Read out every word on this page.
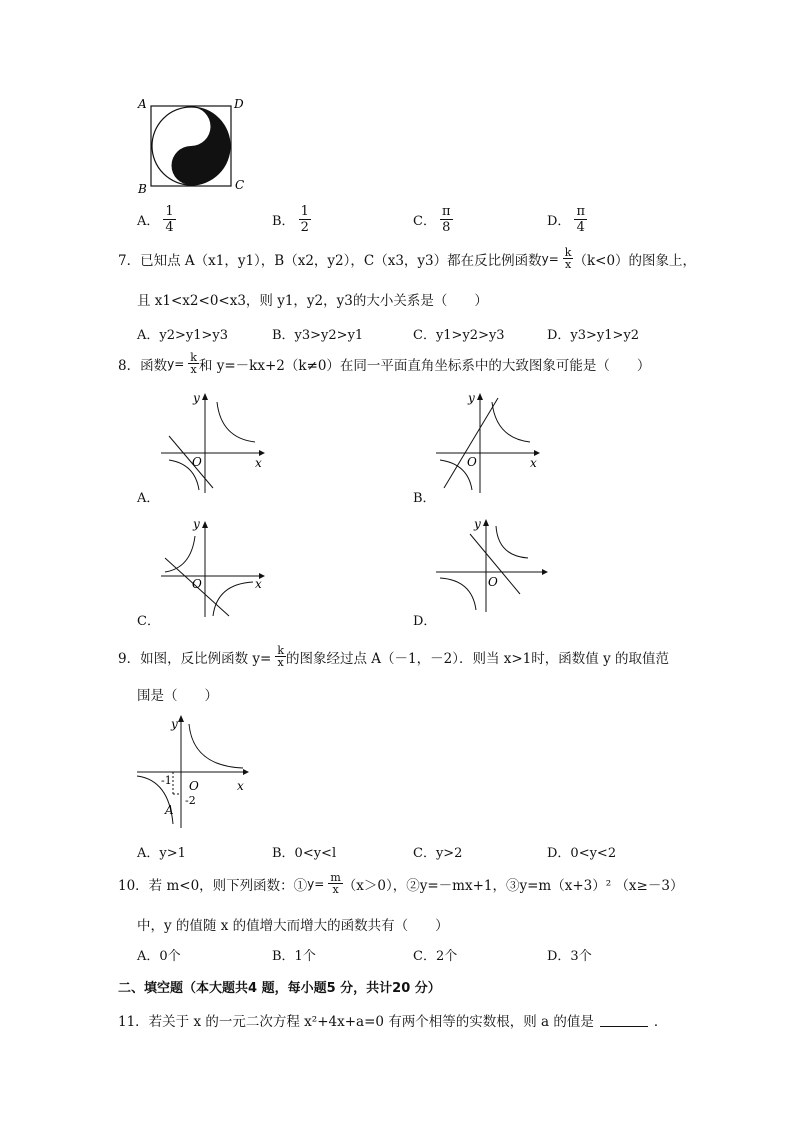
A	D
B	C
A． $\frac{1}{4}$	B． $\frac{1}{2}$	C． $\frac{\pi}{8}$	D． $\frac{\pi}{4}$
7．已知点 A（x1，y1），B（x2，y2），C（x3，y3）都在反比例函数 $y= \frac{k}{x} (k<0)$的图象上，
且 x1<x2<0<x3，则 y1，y2，y3的大小关系是（　　）
A．y2>y1>y3	B．y3>y2>y1	C．y1>y2>y3	D．y3>y1>y2
8．函数 $y= \frac{k}{x}$ 和 y=－kx+2（k≠0）在同一平面直角坐标系中的大致图象可能是（　　）
y
x
O
A．
y
x
O
B．
y
x
O
C．
y
O
D．
9．如图，反比例函数 $y= \frac{k}{x}$ 的图象经过点 A（－1，－2）．则当 x>1时，函数值 y 的取值范
围是（　　）
y
x
O
-1
-2
A
A．y>1	B．0<y<l	C．y>2	D．0<y<2
10．若 m<0，则下列函数：① $y= \frac{m}{x} (x>0)$，②y=－mx+1，③y=m（x+3）² （x≥－3）
中，y 的值随 x 的值增大而增大的函数共有（　　）
A．0个	B．1个	C．2个	D．3个
二、填空题（本大题共4 题，每小题5 分，共计20 分）
11．若关于 x 的一元二次方程 x²+4x+a=0 有两个相等的实数根，则 a 的值是	．
